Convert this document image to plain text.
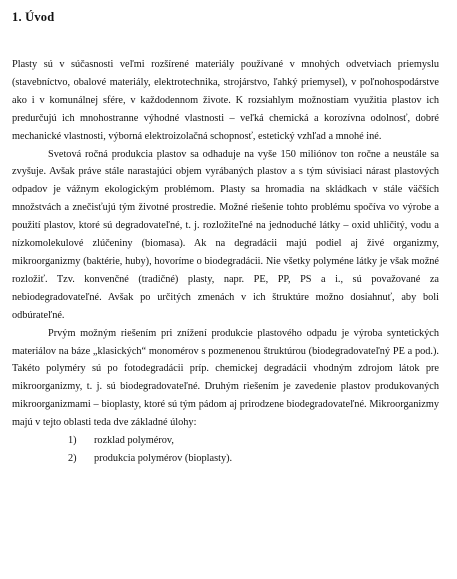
1. Úvod

Plasty sú v súčasnosti veľmi rozšírené materiály používané v mnohých odvetviach priemyslu (stavebníctvo, obalové materiály, elektrotechnika, strojárstvo, ľahký priemysel), v poľnohospodárstve ako i v komunálnej sfére, v každodennom živote. K rozsiahlym možnostiam využitia plastov ich predurčujú ich mnohostranne výhodné vlastnosti – veľká chemická a korozívna odolnosť, dobré mechanické vlastnosti, výborná elektroizolačná schopnosť, estetický vzhľad a mnohé iné.

Svetová ročná produkcia plastov sa odhaduje na vyše 150 miliónov ton ročne a neustále sa zvyšuje. Avšak práve stále narastajúci objem vyrábaných plastov a s tým súvisiaci nárast plastových odpadov je vážnym ekologickým problémom. Plasty sa hromadia na skládkach v stále väčších množstvách a znečisťujú tým životné prostredie. Možné riešenie tohto problému spočíva vo výrobe a použití plastov, ktoré sú degradovateľné, t. j. rozložiteľné na jednoduché látky – oxid uhličitý, vodu a nízkomolekulové zlúčeniny (biomasa). Ak na degradácii majú podiel aj živé organizmy, mikroorganizmy (baktérie, huby), hovoríme o biodegradácii. Nie všetky polyméne látky je však možné rozložiť. Tzv. konvenčné (tradičné) plasty, napr. PE, PP, PS a i., sú považované za nebiodegradovateľné. Avšak po určitých zmenách v ich štruktúre možno dosiahnuť, aby boli odbúrateľné.

Prvým možným riešením pri znížení produkcie plastového odpadu je výroba syntetických materiálov na báze „klasických“ monomérov s pozmenenou štruktúrou (biodegradovateľný PE a pod.). Takéto polyméry sú po fotodegradácii príp. chemickej degradácii vhodným zdrojom látok pre mikroorganizmy, t. j. sú biodegradovateľné. Druhým riešením je zavedenie plastov produkovaných mikroorganizmami – bioplasty, ktoré sú tým pádom aj prirodzene biodegradovateľné. Mikroorganizmy majú v tejto oblasti teda dve základné úlohy:

1) rozklad polymérov,
2) produkcia polymérov (bioplasty).
